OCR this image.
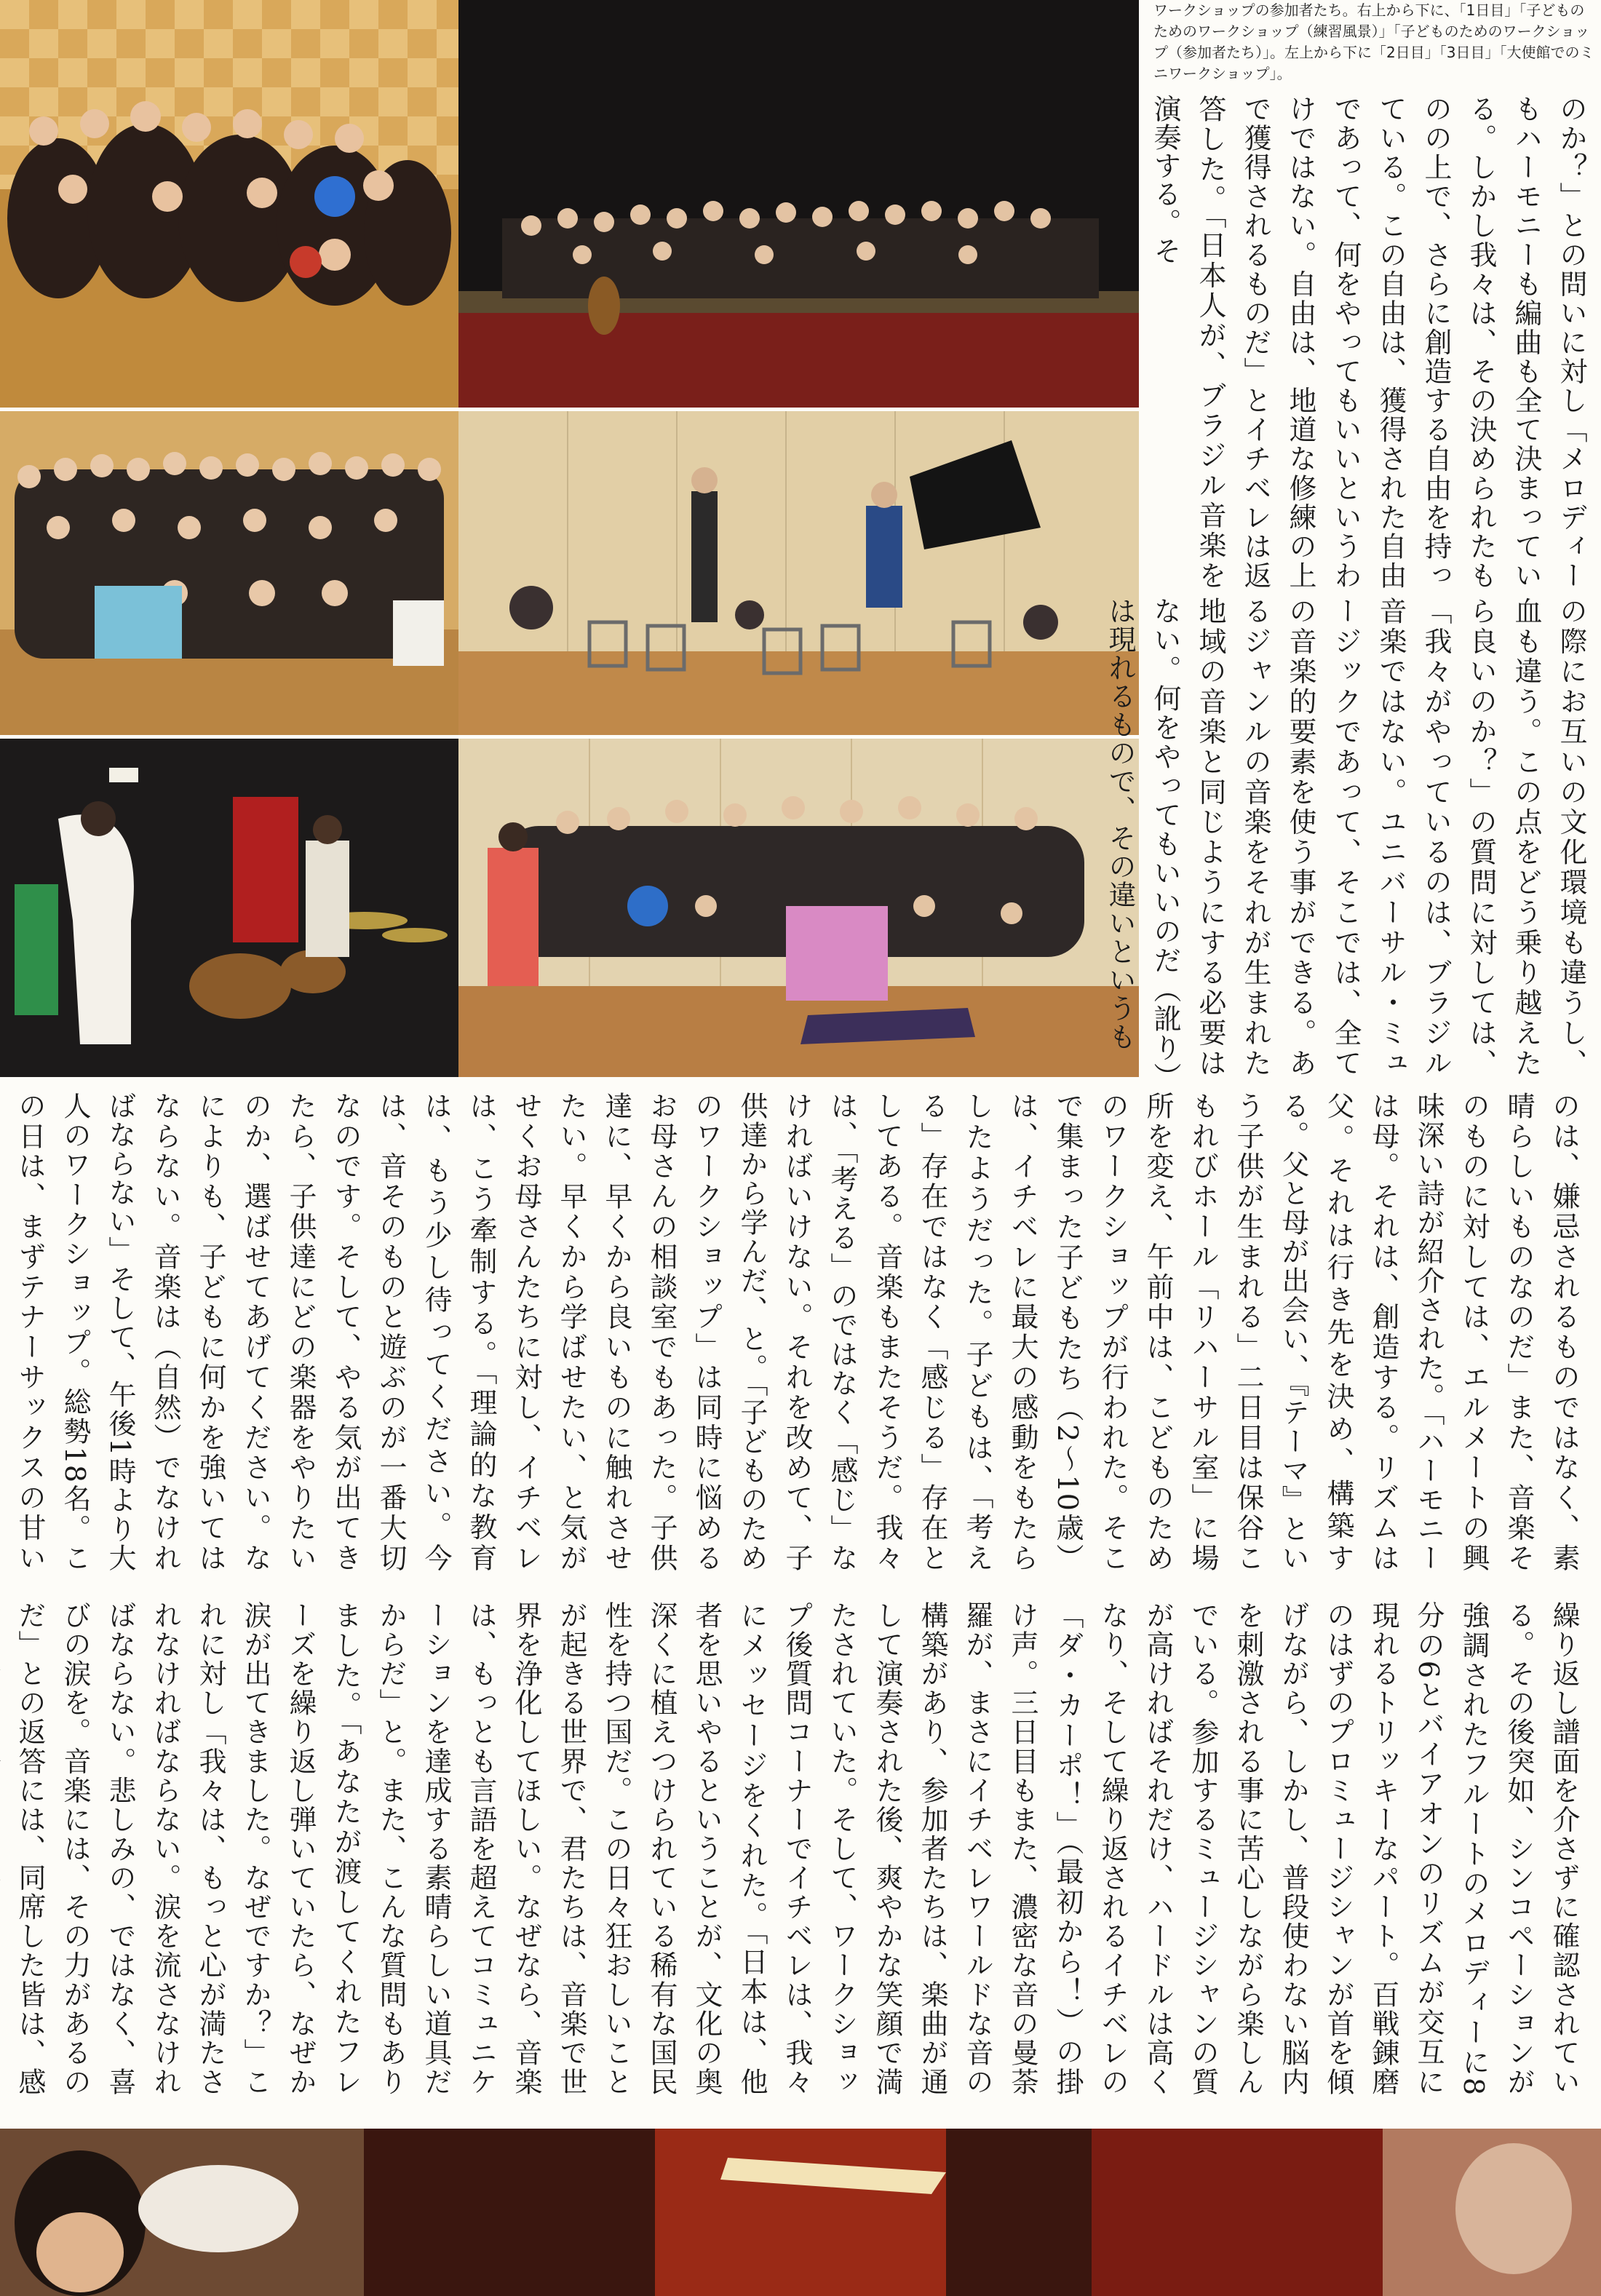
ワークショップの参加者たち。右上から下に、「1日目」「子どものためのワークショップ（練習風景）」「子どものためのワークショップ（参加者たち）」。左上から下に「2日目」「3日目」「大使館でのミニワークショップ」。

のか？」との問いに対し「メロディーもハーモニーも編曲も全て決まっている。しかし我々は、その決められたものの上で、さらに創造する自由を持っている。この自由は、獲得された自由であって、何をやってもいいというわけではない。自由は、地道な修練の上で獲得されるものだ」とイチベレは返答した。「日本人が、ブラジル音楽を演奏する。そ

の際にお互いの文化環境も違うし、血も違う。この点をどう乗り越えたら良いのか？」の質問に対しては、「我々がやっているのは、ブラジル音楽ではない。ユニバーサル・ミュージックであって、そこでは、全ての音楽的要素を使う事ができる。あるジャンルの音楽をそれが生まれた地域の音楽と同じようにする必要はない。何をやってもいいのだ（訛り）は現れるもので、その違いというも

のは、嫌忌されるものではなく、素晴らしいものなのだ」また、音楽そのものに対しては、エルメートの興味深い詩が紹介された。「ハーモニーは母。それは、創造する。リズムは父。それは行き先を決め、構築する。父と母が出会い、『テーマ』という子供が生まれる」二日目は保谷こもれびホール「リハーサル室」に場所を変え、午前中は、こどものためのワークショップが行われた。そこで集まった子どもたち（2〜10歳）は、イチベレに最大の感動をもたらしたようだった。子どもは、「考える」存在ではなく「感じる」存在としてある。音楽もまたそうだ。我々は、「考える」のではなく「感じ」なければいけない。それを改めて、子供達から学んだ、と。「子どものためのワークショップ」は同時に悩めるお母さんの相談室でもあった。子供達に、早くから良いものに触れさせたい。早くから学ばせたい、と気がせくお母さんたちに対し、イチベレは、こう牽制する。「理論的な教育は、もう少し待ってください。今は、音そのものと遊ぶのが一番大切なのです。そして、やる気が出てきたら、子供達にどの楽器をやりたいのか、選ばせてあげてください。なによりも、子どもに何かを強いてはならない。音楽は（自然）でなければならない」そして、午後1時より大人のワークショップ。総勢18名。この日は、まずテナーサックスの甘い

繰り返し譜面を介さずに確認されている。その後突如、シンコペーションが強調されたフルートのメロディーに8分の6とバイアオンのリズムが交互に現れるトリッキーなパート。百戦錬磨のはずのプロミュージシャンが首を傾げながら、しかし、普段使わない脳内を刺激される事に苦心しながら楽しんでいる。参加するミュージシャンの質が高ければそれだけ、ハードルは高くなり、そして繰り返されるイチベレの「ダ・カーポ！」（最初から！）の掛け声。三日目もまた、濃密な音の曼荼羅が、まさにイチベレワールドな音の構築があり、参加者たちは、楽曲が通して演奏された後、爽やかな笑顔で満たされていた。そして、ワークショップ後質問コーナーでイチベレは、我々にメッセージをくれた。「日本は、他者を思いやるということが、文化の奥深くに植えつけられている稀有な国民性を持つ国だ。この日々狂おしいことが起きる世界で、君たちは、音楽で世界を浄化してほしい。なぜなら、音楽は、もっとも言語を超えてコミュニケーションを達成する素晴らしい道具だからだ」と。また、こんな質問もありました。「あなたが渡してくれたフレーズを繰り返し弾いていたら、なぜか涙が出てきました。なぜですか？」これに対し「我々は、もっと心が満たされなければならない。涙を流さなければならない。悲しみの、ではなく、喜びの涙を。音楽には、その力があるのだ」との返答には、同席した皆は、感
